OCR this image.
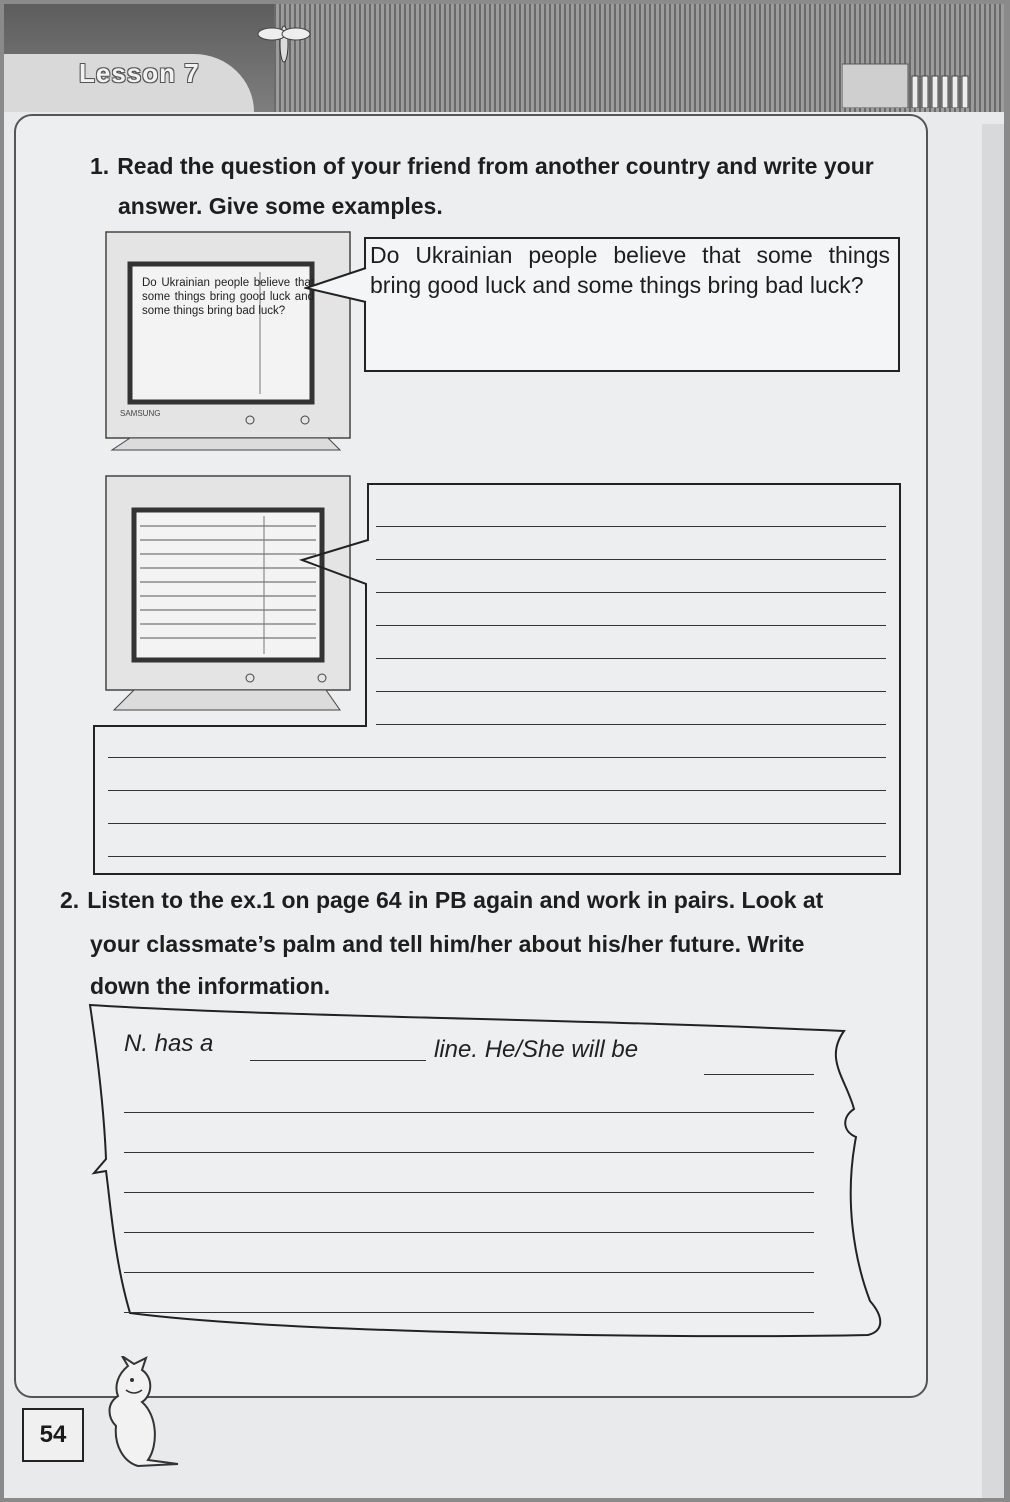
Lesson 7

1. Read the question of your friend from another country and write your

answer. Give some examples.

SAMSUNG
Do Ukrainian people believe that some things bring good luck and some things bring bad luck?
Do Ukrainian people believe that some things bring good luck and some things bring bad luck?

2. Listen to the ex.1 on page 64 in PB again and work in pairs. Look at

your classmate’s palm and tell him/her about his/her future. Write

down the information.

N. has a	line. He/She will be
54
